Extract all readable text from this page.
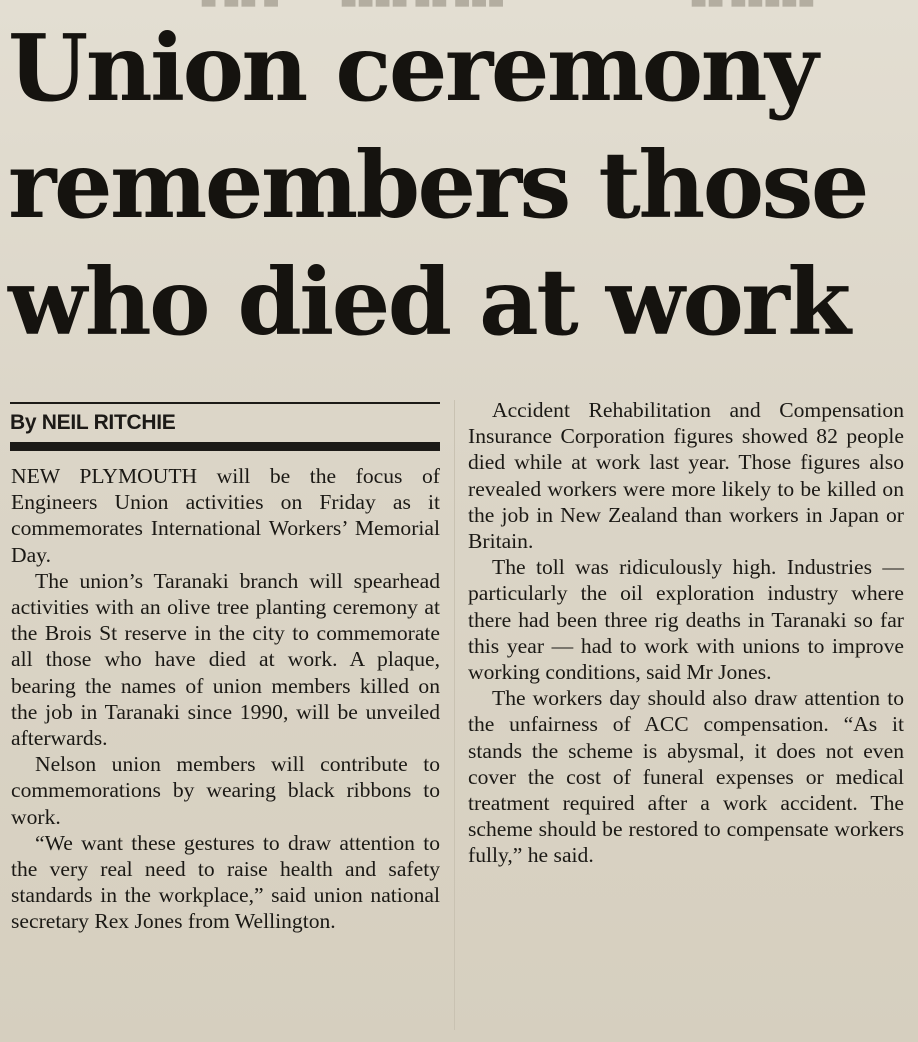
▬ ▬▬ ▬	▬▬▬▬ ▬▬ ▬▬▬	▬▬ ▬▬▬▬▬
Union ceremony
remembers those
who died at work
By NEIL RITCHIE

NEW PLYMOUTH will be the focus of Engineers Union activities on Friday as it commemorates International Workers’ Memorial Day.

The union’s Taranaki branch will spearhead activities with an olive tree planting ceremony at the Brois St reserve in the city to commemorate all those who have died at work. A plaque, bearing the names of union members killed on the job in Taranaki since 1990, will be unveiled afterwards.

Nelson union members will contribute to commemorations by wearing black ribbons to work.

“We want these gestures to draw attention to the very real need to raise health and safety standards in the workplace,” said union national secretary Rex Jones from Wellington.

Accident Rehabilitation and Compensation Insurance Corporation figures showed 82 people died while at work last year. Those figures also revealed workers were more likely to be killed on the job in New Zealand than workers in Japan or Britain.

The toll was ridiculously high. Industries — particularly the oil exploration industry where there had been three rig deaths in Taranaki so far this year — had to work with unions to improve working conditions, said Mr Jones.

The workers day should also draw attention to the unfairness of ACC compensation. “As it stands the scheme is abysmal, it does not even cover the cost of funeral expenses or medical treatment required after a work accident. The scheme should be restored to compensate workers fully,” he said.
